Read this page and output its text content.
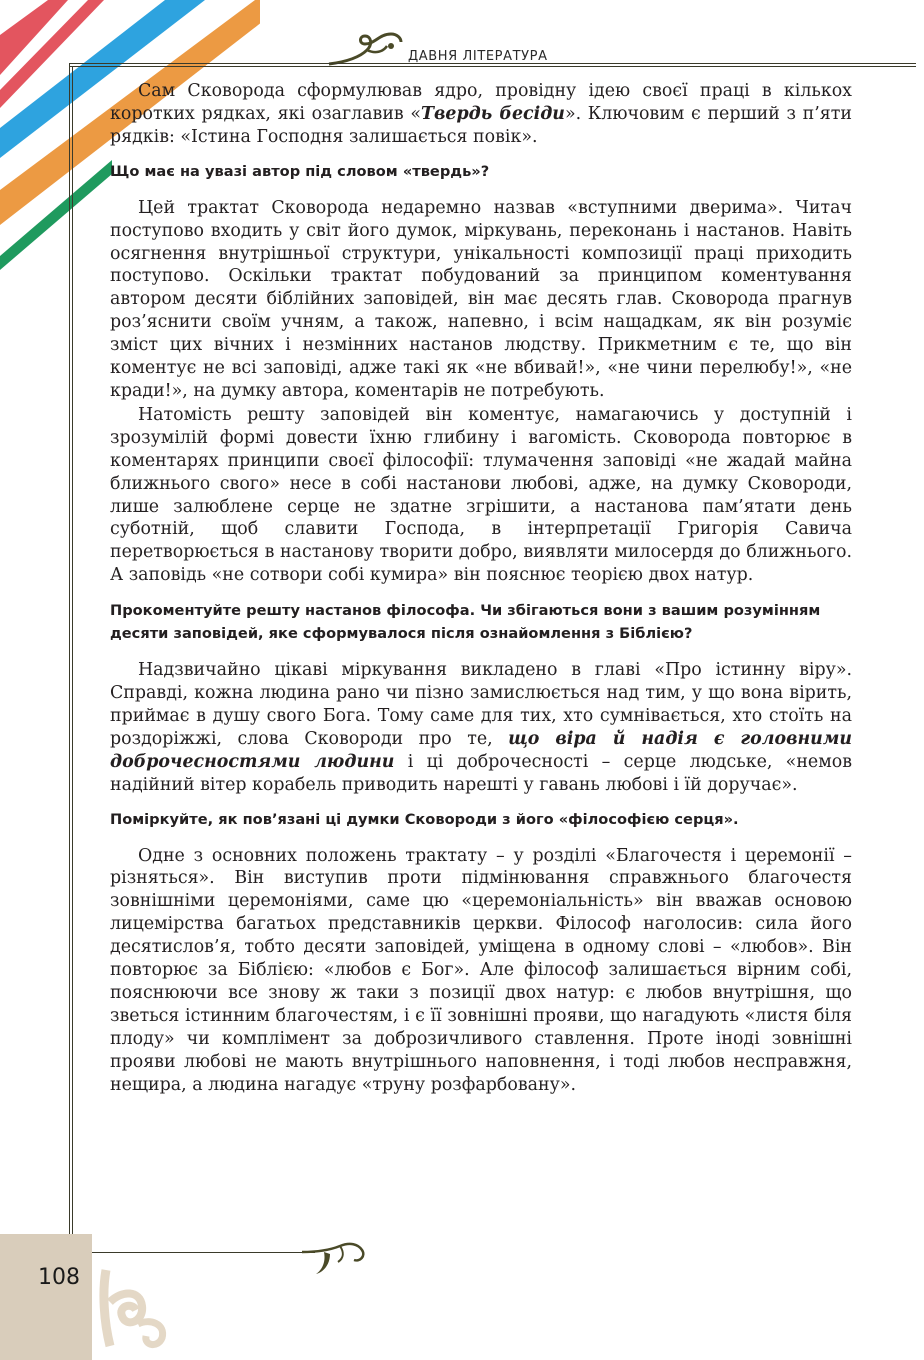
ДАВНЯ ЛІТЕРАТУРА
108

Сам Сковорода сформулював ядро, провідну ідею своєї праці в кількох коротких рядках, які озаглавив «Твердь бесіди». Ключовим є перший з п’яти рядків: «Істина Господня залишається повік».

Що має на увазі автор під словом «твердь»?

Цей трактат Сковорода недаремно назвав «вступними дверима». Читач поступово входить у світ його думок, міркувань, переконань і настанов. Навіть осягнення внутрішньої структури, унікальності композиції праці приходить поступово. Оскільки трактат побудований за принципом коментування автором десяти біблійних заповідей, він має десять глав. Сковорода прагнув роз’яснити своїм учням, а також, напевно, і всім нащадкам, як він розуміє зміст цих вічних і незмінних настанов людству. Прикметним є те, що він коментує не всі заповіді, адже такі як «не вбивай!», «не чини перелюбу!», «не кради!», на думку автора, коментарів не потребують.

Натомість решту заповідей він коментує, намагаючись у доступній і зрозумілій формі довести їхню глибину і вагомість. Сковорода повторює в коментарях принципи своєї філософії: тлумачення заповіді «не жадай майна ближнього свого» несе в собі настанови любові, адже, на думку Сковороди, лише залюблене серце не здатне згрішити, а настанова пам’ятати день суботній, щоб славити Господа, в інтерпретації Григорія Савича перетворюється в настанову творити добро, виявляти милосердя до ближнього. А заповідь «не сотвори собі кумира» він пояснює теорією двох натур.

Прокоментуйте решту настанов філософа. Чи збігаються вони з вашим розумінням десяти заповідей, яке сформувалося після ознайомлення з Біблією?

Надзвичайно цікаві міркування викладено в главі «Про істинну віру». Справді, кожна людина рано чи пізно замислюється над тим, у що вона вірить, приймає в душу свого Бога. Тому саме для тих, хто сумнівається, хто стоїть на роздоріжжі, слова Сковороди про те, що віра й надія є головними доброчесностями людини і ці доброчесності – серце людське, «немов надійний вітер корабель приводить нарешті у гавань любові і їй доручає».

Поміркуйте, як пов’язані ці думки Сковороди з його «філософією серця».

Одне з основних положень трактату – у розділі «Благочестя і церемонії – різняться». Він виступив проти підмінювання справжнього благочестя зовнішніми церемоніями, саме цю «церемоніальність» він вважав основою лицемірства багатьох представників церкви. Філософ наголосив: сила його десятислов’я, тобто десяти заповідей, уміщена в одному слові – «любов». Він повторює за Біблією: «любов є Бог». Але філософ залишається вірним собі, пояснюючи все знову ж таки з позиції двох натур: є любов внутрішня, що зветься істинним благочестям, і є її зовнішні прояви, що нагадують «листя біля плоду» чи комплімент за доброзичливого ставлення. Проте іноді зовнішні прояви любові не мають внутрішнього наповнення, і тоді любов несправжня, нещира, а людина нагадує «труну розфарбовану».
